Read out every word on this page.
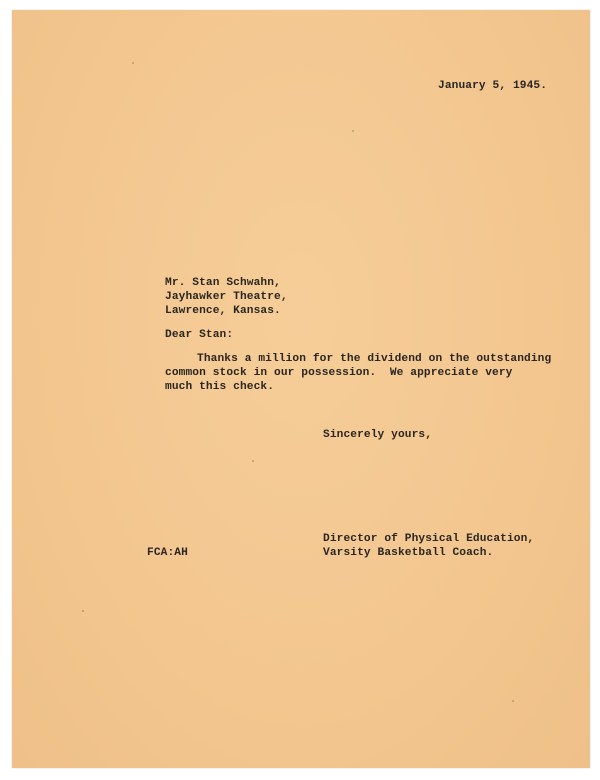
January 5, 1945.
Mr. Stan Schwahn,
Jayhawker Theatre,
Lawrence, Kansas.
Dear Stan:
Thanks a million for the dividend on the outstanding
common stock in our possession.  We appreciate very
much this check.
Sincerely yours,
Director of Physical Education,
Varsity Basketball Coach.
FCA:AH
